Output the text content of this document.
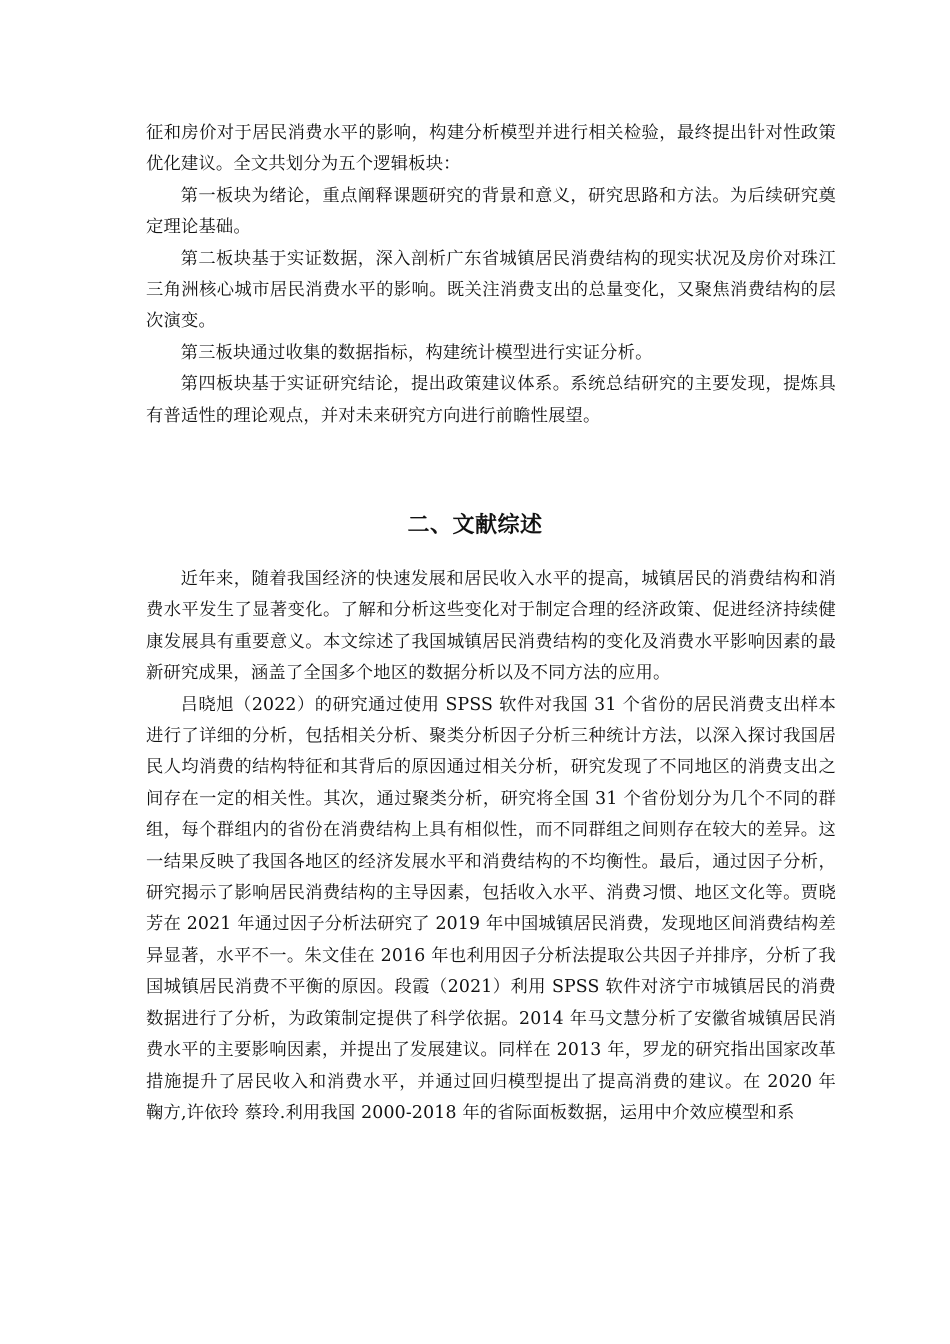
征和房价对于居民消费水平的影响，构建分析模型并进行相关检验，最终提出针对性政策优化建议。全文共划分为五个逻辑板块：

第一板块为绪论，重点阐释课题研究的背景和意义，研究思路和方法。为后续研究奠定理论基础。

第二板块基于实证数据，深入剖析广东省城镇居民消费结构的现实状况及房价对珠江三角洲核心城市居民消费水平的影响。既关注消费支出的总量变化，又聚焦消费结构的层次演变。

第三板块通过收集的数据指标，构建统计模型进行实证分析。

第四板块基于实证研究结论，提出政策建议体系。系统总结研究的主要发现，提炼具有普适性的理论观点，并对未来研究方向进行前瞻性展望。

二、文献综述

近年来，随着我国经济的快速发展和居民收入水平的提高，城镇居民的消费结构和消费水平发生了显著变化。了解和分析这些变化对于制定合理的经济政策、促进经济持续健康发展具有重要意义。本文综述了我国城镇居民消费结构的变化及消费水平影响因素的最新研究成果，涵盖了全国多个地区的数据分析以及不同方法的应用。

吕晓旭（2022）的研究通过使用 SPSS 软件对我国 31 个省份的居民消费支出样本进行了详细的分析，包括相关分析、聚类分析因子分析三种统计方法，以深入探讨我国居民人均消费的结构特征和其背后的原因通过相关分析，研究发现了不同地区的消费支出之间存在一定的相关性。其次，通过聚类分析，研究将全国 31 个省份划分为几个不同的群组，每个群组内的省份在消费结构上具有相似性，而不同群组之间则存在较大的差异。这一结果反映了我国各地区的经济发展水平和消费结构的不均衡性。最后，通过因子分析，研究揭示了影响居民消费结构的主导因素，包括收入水平、消费习惯、地区文化等。贾晓芳在 2021 年通过因子分析法研究了 2019 年中国城镇居民消费，发现地区间消费结构差异显著，水平不一。朱文佳在 2016 年也利用因子分析法提取公共因子并排序，分析了我国城镇居民消费不平衡的原因。段霞（2021）利用 SPSS 软件对济宁市城镇居民的消费数据进行了分析，为政策制定提供了科学依据。2014 年马文慧分析了安徽省城镇居民消费水平的主要影响因素，并提出了发展建议。同样在 2013 年，罗龙的研究指出国家改革措施提升了居民收入和消费水平，并通过回归模型提出了提高消费的建议。在 2020 年 鞠方,许依玲 蔡玲.利用我国 2000-2018 年的省际面板数据，运用中介效应模型和系
